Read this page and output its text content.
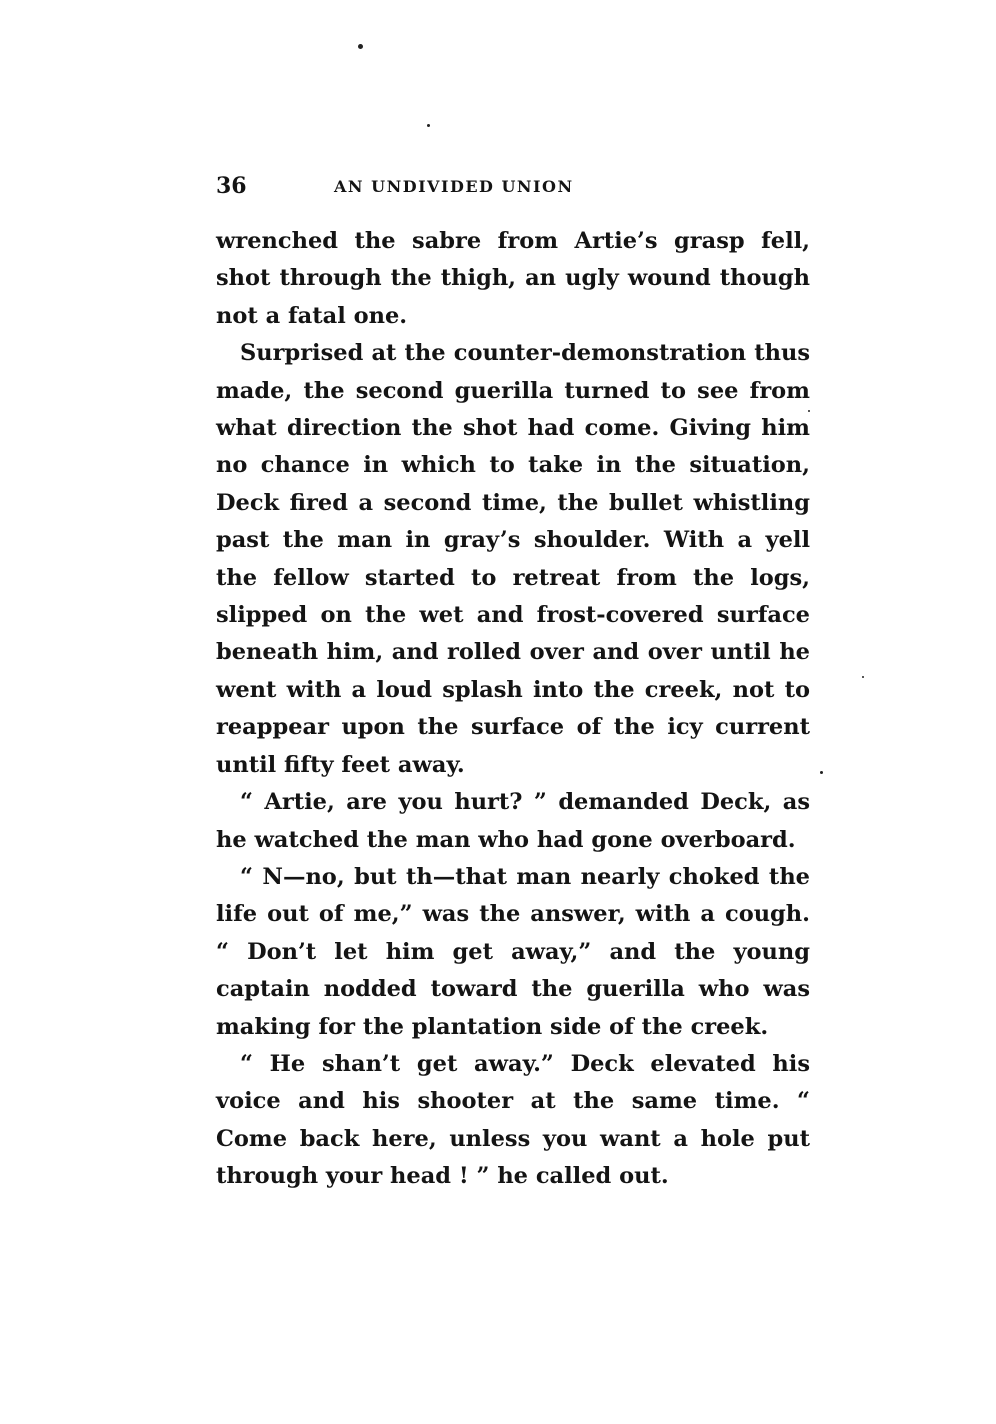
36	AN UNDIVIDED UNION

wrenched the sabre from Artie’s grasp fell, shot through the thigh, an ugly wound though not a fatal one.

Surprised at the counter-demonstration thus made, the second guerilla turned to see from what direction the shot had come. Giving him no chance in which to take in the situation, Deck fired a second time, the bullet whistling past the man in gray’s shoulder. With a yell the fellow started to retreat from the logs, slipped on the wet and frost-covered surface beneath him, and rolled over and over until he went with a loud splash into the creek, not to reappear upon the surface of the icy current until fifty feet away.

“ Artie, are you hurt? ” demanded Deck, as he watched the man who had gone overboard.

“ N—no, but th—that man nearly choked the life out of me,” was the answer, with a cough. “ Don’t let him get away,” and the young captain nodded toward the guerilla who was making for the plantation side of the creek.

“ He shan’t get away.” Deck elevated his voice and his shooter at the same time. “ Come back here, unless you want a hole put through your head ! ” he called out.
